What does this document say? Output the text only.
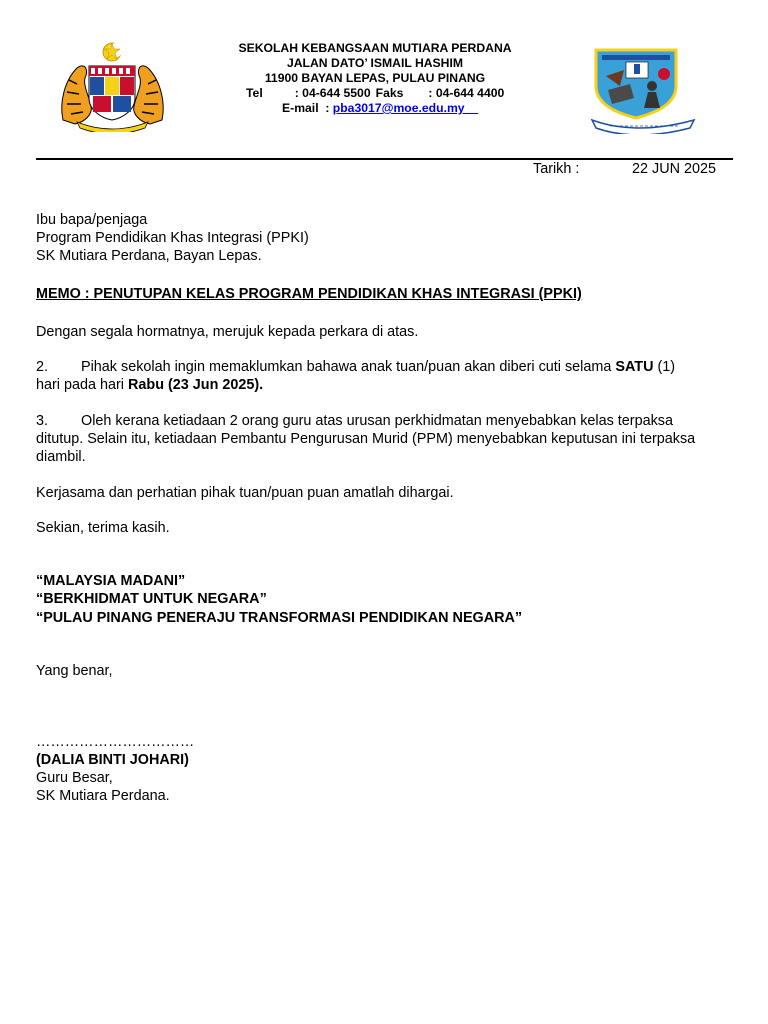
SEKOLAH KEBANGSAAN MUTIARA PERDANA
JALAN DATO’ ISMAIL HASHIM
11900 BAYAN LEPAS, PULAU PINANG
Tel	: 04-644 5500 Faks : 04-644 4400
E-mail  : pba3017@moe.edu.my
Tarikh :	22 JUN 2025
Ibu bapa/penjaga
Program Pendidikan Khas Integrasi (PPKI)
SK Mutiara Perdana, Bayan Lepas.
MEMO : PENUTUPAN KELAS PROGRAM PENDIDIKAN KHAS INTEGRASI (PPKI)
Dengan segala hormatnya, merujuk kepada perkara di atas.
2. Pihak sekolah ingin memaklumkan bahawa anak tuan/puan akan diberi cuti selama SATU (1)
hari pada hari Rabu (23 Jun 2025).
3. Oleh kerana ketiadaan 2 orang guru atas urusan perkhidmatan menyebabkan kelas terpaksa
ditutup. Selain itu, ketiadaan Pembantu Pengurusan Murid (PPM) menyebabkan keputusan ini terpaksa
diambil.
Kerjasama dan perhatian pihak tuan/puan puan amatlah dihargai.
Sekian, terima kasih.
“MALAYSIA MADANI”
“BERKHIDMAT UNTUK NEGARA”
“PULAU PINANG PENERAJU TRANSFORMASI PENDIDIKAN NEGARA”
Yang benar,
……………………………
(DALIA BINTI JOHARI)
Guru Besar,
SK Mutiara Perdana.
